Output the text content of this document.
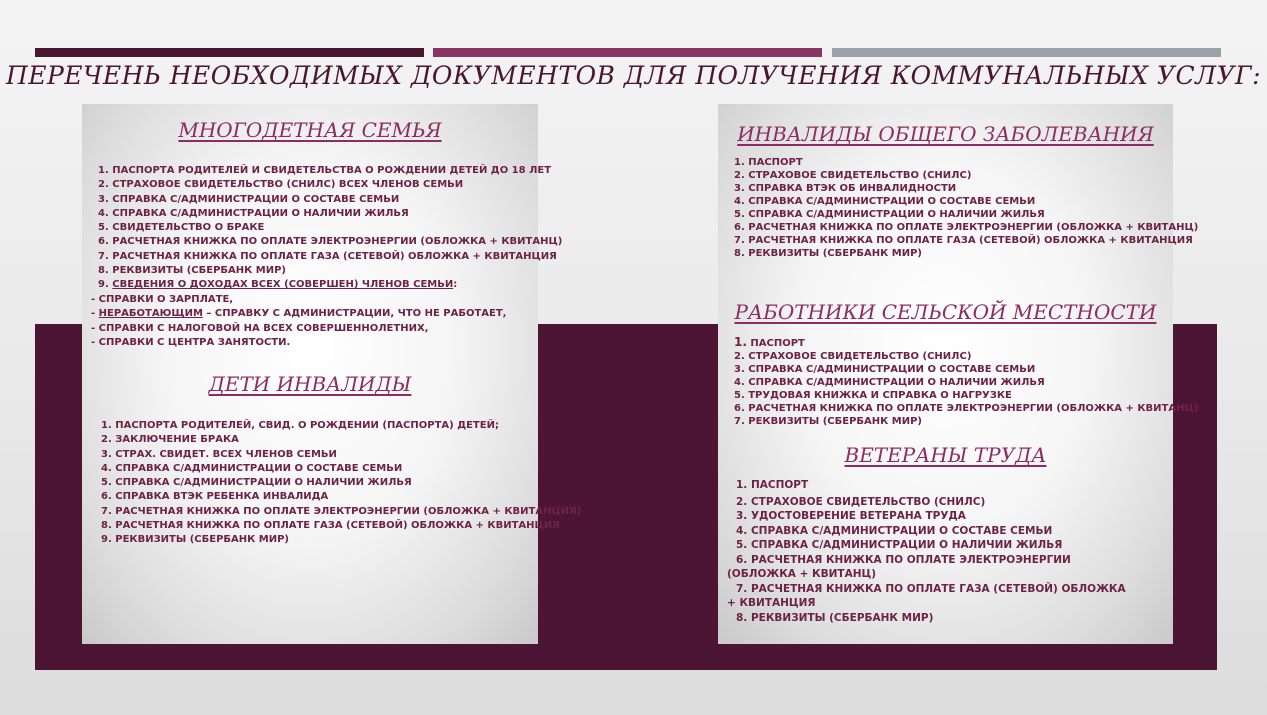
ПЕРЕЧЕНЬ НЕОБХОДИМЫХ ДОКУМЕНТОВ ДЛЯ ПОЛУЧЕНИЯ КОММУНАЛЬНЫХ УСЛУГ:
МНОГОДЕТНАЯ СЕМЬЯ
1. ПАСПОРТА РОДИТЕЛЕЙ И СВИДЕТЕЛЬСТВА О РОЖДЕНИИ ДЕТЕЙ ДО 18 ЛЕТ
2. СТРАХОВОЕ СВИДЕТЕЛЬСТВО (СНИЛС) ВСЕХ ЧЛЕНОВ СЕМЬИ
3. СПРАВКА С/АДМИНИСТРАЦИИ О СОСТАВЕ СЕМЬИ
4. СПРАВКА С/АДМИНИСТРАЦИИ О НАЛИЧИИ ЖИЛЬЯ
5. СВИДЕТЕЛЬСТВО О БРАКЕ
6. РАСЧЕТНАЯ КНИЖКА ПО ОПЛАТЕ ЭЛЕКТРОЭНЕРГИИ (ОБЛОЖКА + КВИТАНЦ)
7. РАСЧЕТНАЯ КНИЖКА ПО ОПЛАТЕ ГАЗА (СЕТЕВОЙ) ОБЛОЖКА + КВИТАНЦИЯ
8. РЕКВИЗИТЫ (СБЕРБАНК МИР)
9. СВЕДЕНИЯ О ДОХОДАХ ВСЕХ (СОВЕРШЕН) ЧЛЕНОВ СЕМЬИ:
- СПРАВКИ О ЗАРПЛАТЕ,
- НЕРАБОТАЮЩИМ – СПРАВКУ С АДМИНИСТРАЦИИ, ЧТО НЕ РАБОТАЕТ,
- СПРАВКИ С НАЛОГОВОЙ НА ВСЕХ СОВЕРШЕННОЛЕТНИХ,
- СПРАВКИ С ЦЕНТРА ЗАНЯТОСТИ.
ДЕТИ ИНВАЛИДЫ
1. ПАСПОРТА РОДИТЕЛЕЙ, СВИД. О РОЖДЕНИИ (ПАСПОРТА) ДЕТЕЙ;
2. ЗАКЛЮЧЕНИЕ БРАКА
3. СТРАХ. СВИДЕТ. ВСЕХ ЧЛЕНОВ СЕМЬИ
4. СПРАВКА С/АДМИНИСТРАЦИИ О СОСТАВЕ СЕМЬИ
5. СПРАВКА С/АДМИНИСТРАЦИИ О НАЛИЧИИ ЖИЛЬЯ
6. СПРАВКА ВТЭК РЕБЕНКА ИНВАЛИДА
7. РАСЧЕТНАЯ КНИЖКА ПО ОПЛАТЕ ЭЛЕКТРОЭНЕРГИИ (ОБЛОЖКА + КВИТАНЦИЯ)
8. РАСЧЕТНАЯ КНИЖКА ПО ОПЛАТЕ ГАЗА (СЕТЕВОЙ) ОБЛОЖКА + КВИТАНЦИЯ
9. РЕКВИЗИТЫ (СБЕРБАНК МИР)
ИНВАЛИДЫ ОБЩЕГО ЗАБОЛЕВАНИЯ
1. ПАСПОРТ
2. СТРАХОВОЕ СВИДЕТЕЛЬСТВО (СНИЛС)
3. СПРАВКА ВТЭК ОБ ИНВАЛИДНОСТИ
4. СПРАВКА С/АДМИНИСТРАЦИИ О СОСТАВЕ СЕМЬИ
5. СПРАВКА С/АДМИНИСТРАЦИИ О НАЛИЧИИ ЖИЛЬЯ
6. РАСЧЕТНАЯ КНИЖКА ПО ОПЛАТЕ ЭЛЕКТРОЭНЕРГИИ (ОБЛОЖКА + КВИТАНЦ)
7. РАСЧЕТНАЯ КНИЖКА ПО ОПЛАТЕ ГАЗА (СЕТЕВОЙ) ОБЛОЖКА + КВИТАНЦИЯ
8. РЕКВИЗИТЫ (СБЕРБАНК МИР)
РАБОТНИКИ СЕЛЬСКОЙ МЕСТНОСТИ
1. ПАСПОРТ
2. СТРАХОВОЕ СВИДЕТЕЛЬСТВО (СНИЛС)
3. СПРАВКА С/АДМИНИСТРАЦИИ О СОСТАВЕ СЕМЬИ
4. СПРАВКА С/АДМИНИСТРАЦИИ О НАЛИЧИИ ЖИЛЬЯ
5. ТРУДОВАЯ КНИЖКА И СПРАВКА О НАГРУЗКЕ
6. РАСЧЕТНАЯ КНИЖКА ПО ОПЛАТЕ ЭЛЕКТРОЭНЕРГИИ (ОБЛОЖКА + КВИТАНЦ)
7. РЕКВИЗИТЫ (СБЕРБАНК МИР)
ВЕТЕРАНЫ ТРУДА
1. ПАСПОРТ
2. СТРАХОВОЕ СВИДЕТЕЛЬСТВО (СНИЛС)
3. УДОСТОВЕРЕНИЕ ВЕТЕРАНА ТРУДА
4. СПРАВКА С/АДМИНИСТРАЦИИ О СОСТАВЕ СЕМЬИ
5. СПРАВКА С/АДМИНИСТРАЦИИ О НАЛИЧИИ ЖИЛЬЯ
6. РАСЧЕТНАЯ КНИЖКА ПО ОПЛАТЕ ЭЛЕКТРОЭНЕРГИИ (ОБЛОЖКА + КВИТАНЦ)
7. РАСЧЕТНАЯ КНИЖКА ПО ОПЛАТЕ ГАЗА (СЕТЕВОЙ) ОБЛОЖКА + КВИТАНЦИЯ
8. РЕКВИЗИТЫ (СБЕРБАНК МИР)
